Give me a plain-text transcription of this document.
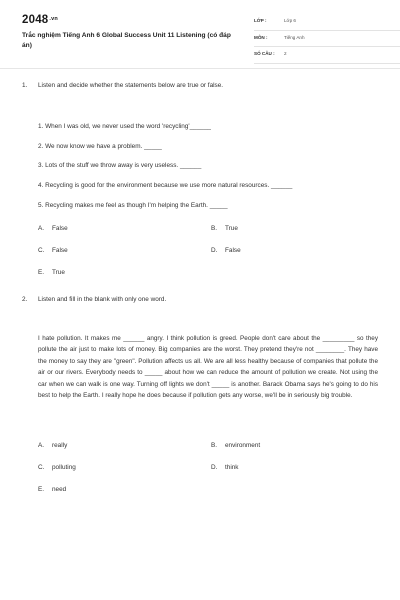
$2048^{.vn}$
Trắc nghiệm Tiếng Anh 6 Global Success Unit 11 Listening (có đáp án)
LỚP :	Lớp 6
MÔN :	Tiếng Anh
SỐ CÂU : 2
1. Listen and decide whether the statements below are true or false.
1. When I was old, we never used the word 'recycling'______
2. We now know we have a problem. _____
3. Lots of the stuff we throw away is very useless. ______
4. Recycling is good for the environment because we use more natural resources. ______
5. Recycling makes me feel as though I'm helping the Earth. _____
A. False	B. True
C. False	D. False
E. True
2. Listen and fill in the blank with only one word.
I hate pollution. It makes me ______ angry. I think pollution is greed. People don't care about the _________ so they pollute the air just to make lots of money. Big companies are the worst. They pretend they're not ________. They have the money to say they are "green". Pollution affects us all. We are all less healthy because of companies that pollute the air or our rivers. Everybody needs to _____ about how we can reduce the amount of pollution we create. Not using the car when we can walk is one way. Turning off lights we don't _____ is another. Barack Obama says he's going to do his best to help the Earth. I really hope he does because if pollution gets any worse, we'll be in seriously big trouble.
A. really	B. environment
C. polluting	D. think
E. need
